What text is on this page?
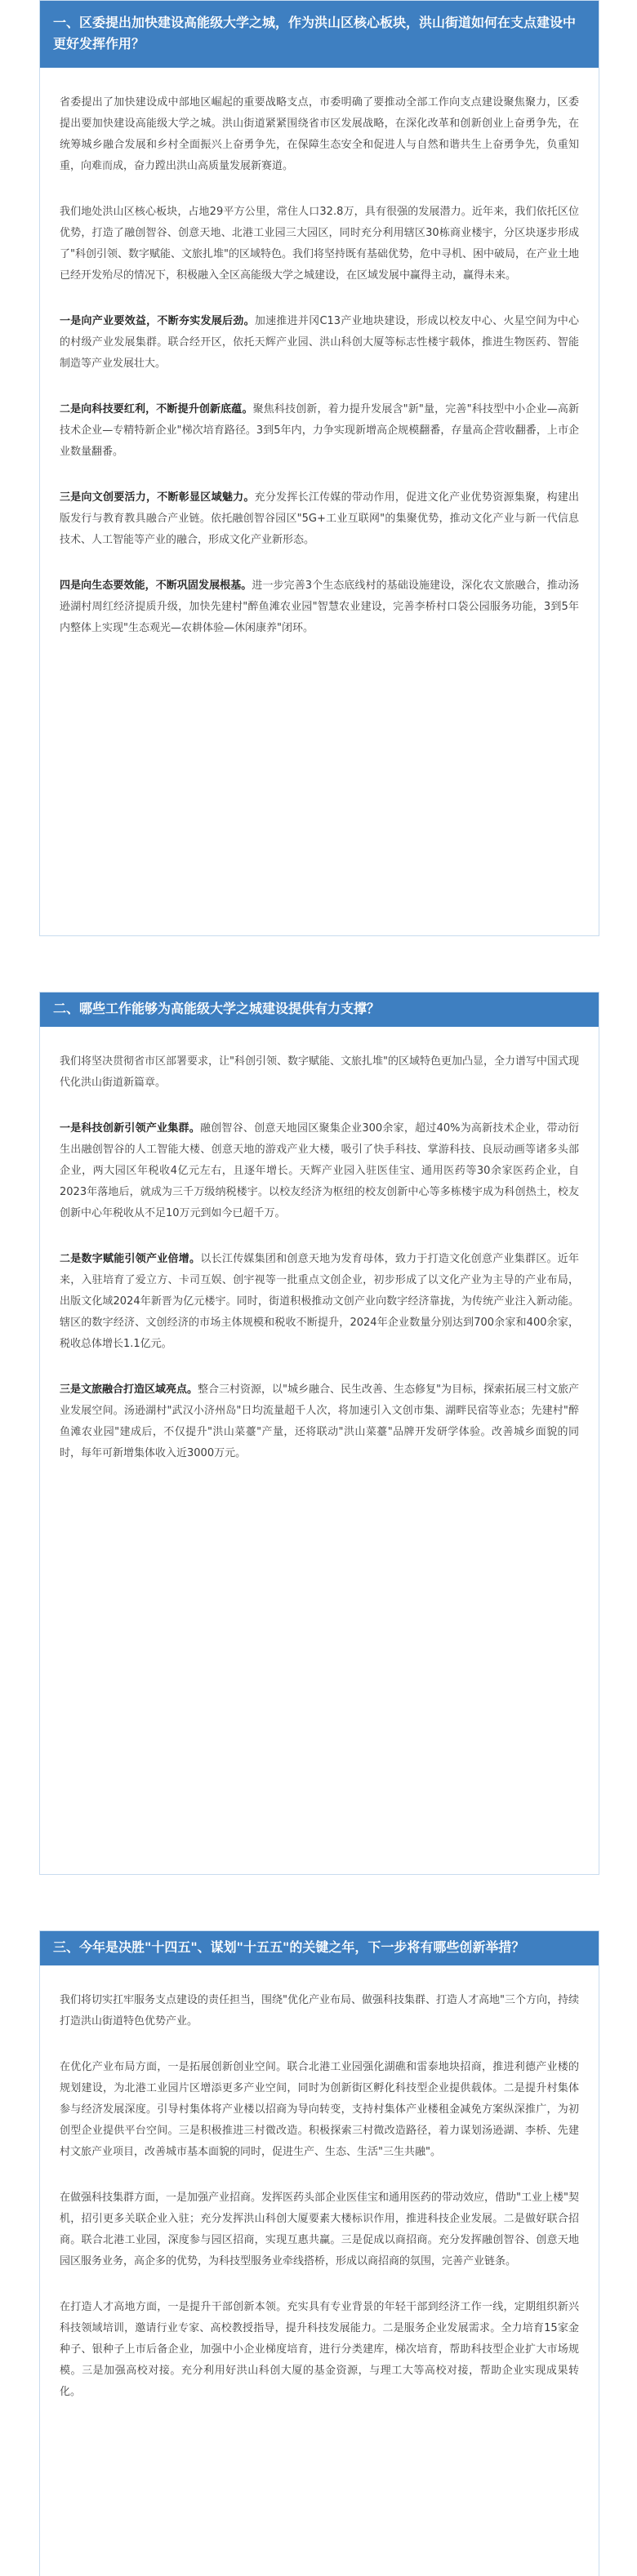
一、区委提出加快建设高能级大学之城，作为洪山区核心板块，洪山街道如何在支点建设中更好发挥作用？

省委提出了加快建设成中部地区崛起的重要战略支点，市委明确了要推动全部工作向支点建设聚焦聚力，区委提出要加快建设高能级大学之城。洪山街道紧紧围绕省市区发展战略，在深化改革和创新创业上奋勇争先，在统筹城乡融合发展和乡村全面振兴上奋勇争先，在保障生态安全和促进人与自然和谐共生上奋勇争先，负重知重，向难而成，奋力蹚出洪山高质量发展新赛道。

我们地处洪山区核心板块，占地29平方公里，常住人口32.8万，具有很强的发展潜力。近年来，我们依托区位优势，打造了融创智谷、创意天地、北港工业园三大园区，同时充分利用辖区30栋商业楼宇，分区块逐步形成了"科创引领、数字赋能、文旅扎堆"的区域特色。我们将坚持既有基础优势，危中寻机、困中破局，在产业土地已经开发殆尽的情况下，积极融入全区高能级大学之城建设，在区域发展中赢得主动，赢得未来。

一是向产业要效益，不断夯实发展后劲。加速推进并冈C13产业地块建设，形成以校友中心、火星空间为中心的村级产业发展集群。联合经开区，依托天辉产业园、洪山科创大厦等标志性楼宇载体，推进生物医药、智能制造等产业发展壮大。

二是向科技要红利，不断提升创新底蕴。聚焦科技创新，着力提升发展含"新"量，完善"科技型中小企业—高新技术企业—专精特新企业"梯次培育路径。3到5年内，力争实现新增高企规模翻番，存量高企营收翻番，上市企业数量翻番。

三是向文创要活力，不断彰显区域魅力。充分发挥长江传媒的带动作用，促进文化产业优势资源集聚，构建出版发行与教育教具融合产业链。依托融创智谷园区"5G+工业互联网"的集聚优势，推动文化产业与新一代信息技术、人工智能等产业的融合，形成文化产业新形态。

四是向生态要效能，不断巩固发展根基。进一步完善3个生态底线村的基础设施建设，深化农文旅融合，推动汤逊湖村周红经济提质升级，加快先建村"醉鱼滩农业园"智慧农业建设，完善李桥村口袋公园服务功能，3到5年内整体上实现"生态观光—农耕体验—休闲康养"闭环。

二、哪些工作能够为高能级大学之城建设提供有力支撑？

我们将坚决贯彻省市区部署要求，让"科创引领、数字赋能、文旅扎堆"的区域特色更加凸显，全力谱写中国式现代化洪山街道新篇章。

一是科技创新引领产业集群。融创智谷、创意天地园区聚集企业300余家，超过40%为高新技术企业，带动衍生出融创智谷的人工智能大楼、创意天地的游戏产业大楼，吸引了快手科技、掌游科技、良辰动画等诸多头部企业，两大园区年税收4亿元左右，且逐年增长。天辉产业园入驻医佳宝、通用医药等30余家医药企业，自2023年落地后，就成为三千万级纳税楼宇。以校友经济为枢纽的校友创新中心等多栋楼宇成为科创热土，校友创新中心年税收从不足10万元到如今已超千万。

二是数字赋能引领产业倍增。以长江传媒集团和创意天地为发育母体，致力于打造文化创意产业集群区。近年来，入驻培育了爱立方、卡司互娱、创宇视等一批重点文创企业，初步形成了以文化产业为主导的产业布局，出版文化域2024年新晋为亿元楼宇。同时，街道积极推动文创产业向数字经济靠拢，为传统产业注入新动能。辖区的数字经济、文创经济的市场主体规模和税收不断提升，2024年企业数量分别达到700余家和400余家，税收总体增长1.1亿元。

三是文旅融合打造区域亮点。整合三村资源，以"城乡融合、民生改善、生态修复"为目标，探索拓展三村文旅产业发展空间。汤逊湖村"武汉小济州岛"日均流量超千人次，将加速引入文创市集、湖畔民宿等业态；先建村"醉鱼滩农业园"建成后，不仅提升"洪山菜薹"产量，还将联动"洪山菜薹"品牌开发研学体验。改善城乡面貌的同时，每年可新增集体收入近3000万元。

三、今年是决胜"十四五"、谋划"十五五"的关键之年，下一步将有哪些创新举措？

我们将切实扛牢服务支点建设的责任担当，围绕"优化产业布局、做强科技集群、打造人才高地"三个方向，持续打造洪山街道特色优势产业。

在优化产业布局方面，一是拓展创新创业空间。联合北港工业园强化湖礁和雷泰地块招商，推进利德产业楼的规划建设，为北港工业园片区增添更多产业空间，同时为创新街区孵化科技型企业提供载体。二是提升村集体参与经济发展深度。引导村集体将产业楼以招商为导向转变，支持村集体产业楼租金减免方案纵深推广，为初创型企业提供平台空间。三是积极推进三村微改造。积极探索三村微改造路径，着力谋划汤逊湖、李桥、先建村文旅产业项目，改善城市基本面貌的同时，促进生产、生态、生活"三生共融"。

在做强科技集群方面，一是加强产业招商。发挥医药头部企业医佳宝和通用医药的带动效应，借助"工业上楼"契机，招引更多关联企业入驻；充分发挥洪山科创大厦要素大楼标识作用，推进科技企业发展。二是做好联合招商。联合北港工业园，深度参与园区招商，实现互惠共赢。三是促成以商招商。充分发挥融创智谷、创意天地园区服务业务，高企多的优势，为科技型服务业牵线搭桥，形成以商招商的氛围，完善产业链条。

在打造人才高地方面，一是提升干部创新本领。充实具有专业背景的年轻干部到经济工作一线，定期组织新兴科技领域培训，邀请行业专家、高校教授指导，提升科技发展能力。二是服务企业发展需求。全力培育15家金种子、银种子上市后备企业，加强中小企业梯度培育，进行分类建库，梯次培育，帮助科技型企业扩大市场规模。三是加强高校对接。充分利用好洪山科创大厦的基金资源，与理工大等高校对接，帮助企业实现成果转化。
